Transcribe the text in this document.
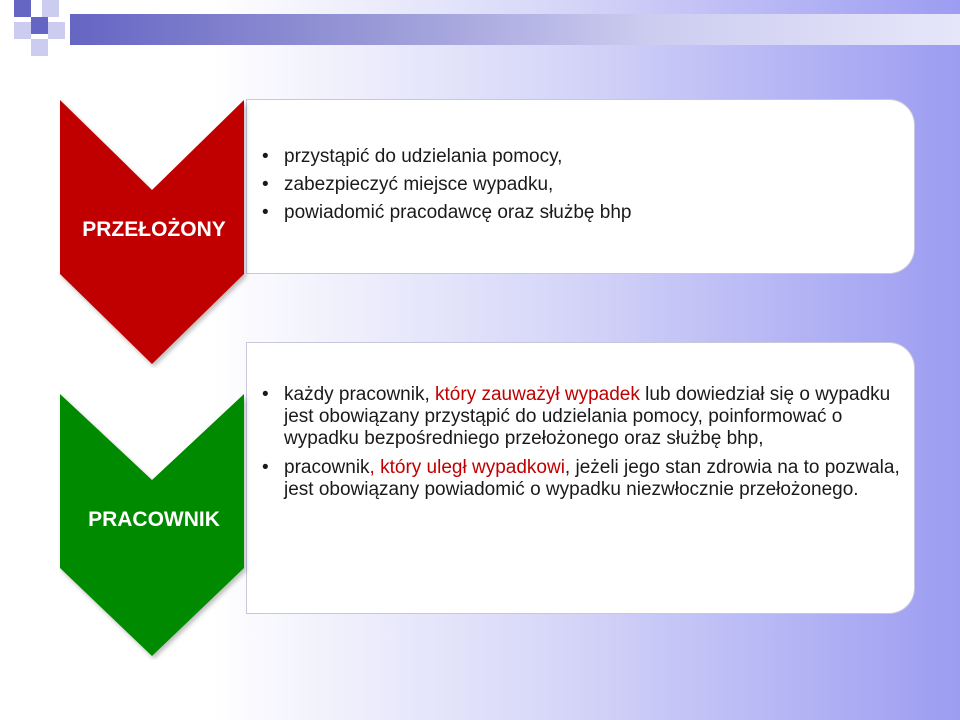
PRZEŁOŻONY
• przystąpić do udzielania pomocy,
• zabezpieczyć miejsce wypadku,
• powiadomić pracodawcę oraz służbę bhp
PRACOWNIK
• każdy pracownik, który zauważył wypadek lub dowiedział się o wypadku jest obowiązany przystąpić do udzielania pomocy, poinformować o wypadku bezpośredniego przełożonego oraz służbę bhp,
• pracownik, który uległ wypadkowi, jeżeli jego stan zdrowia na to pozwala, jest obowiązany powiadomić o wypadku niezwłocznie przełożonego.
